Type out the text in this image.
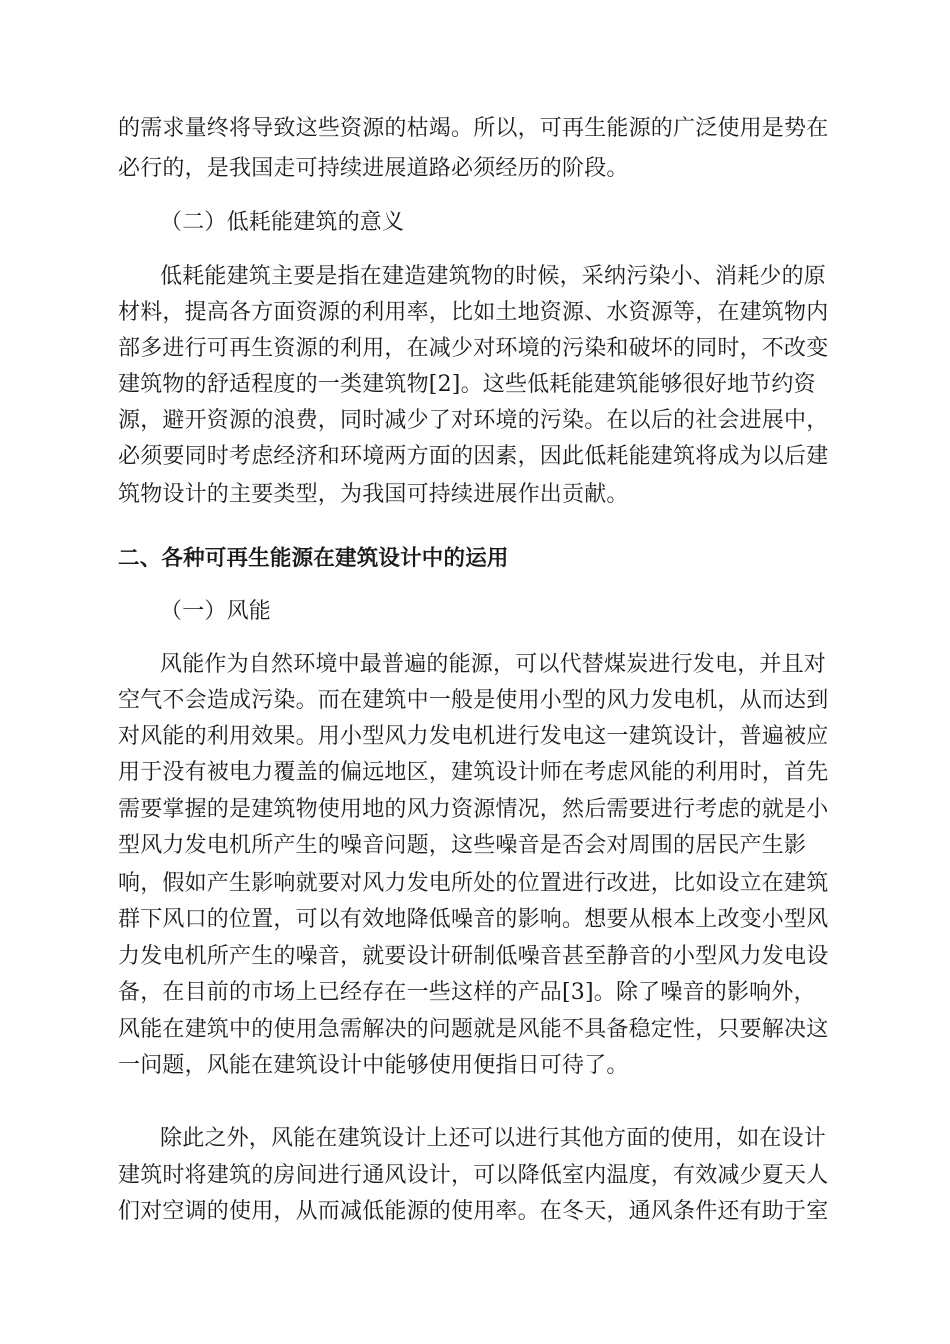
的需求量终将导致这些资源的枯竭。所以，可再生能源的广泛使用是势在
必行的，是我国走可持续进展道路必须经历的阶段。
（二）低耗能建筑的意义
低耗能建筑主要是指在建造建筑物的时候，采纳污染小、消耗少的原
材料，提高各方面资源的利用率，比如土地资源、水资源等，在建筑物内
部多进行可再生资源的利用，在减少对环境的污染和破坏的同时，不改变
建筑物的舒适程度的一类建筑物[2]。这些低耗能建筑能够很好地节约资
源，避开资源的浪费，同时减少了对环境的污染。在以后的社会进展中，
必须要同时考虑经济和环境两方面的因素，因此低耗能建筑将成为以后建
筑物设计的主要类型，为我国可持续进展作出贡献。
二、各种可再生能源在建筑设计中的运用
（一）风能
风能作为自然环境中最普遍的能源，可以代替煤炭进行发电，并且对
空气不会造成污染。而在建筑中一般是使用小型的风力发电机，从而达到
对风能的利用效果。用小型风力发电机进行发电这一建筑设计，普遍被应
用于没有被电力覆盖的偏远地区，建筑设计师在考虑风能的利用时，首先
需要掌握的是建筑物使用地的风力资源情况，然后需要进行考虑的就是小
型风力发电机所产生的噪音问题，这些噪音是否会对周围的居民产生影
响，假如产生影响就要对风力发电所处的位置进行改进，比如设立在建筑
群下风口的位置，可以有效地降低噪音的影响。想要从根本上改变小型风
力发电机所产生的噪音，就要设计研制低噪音甚至静音的小型风力发电设
备，在目前的市场上已经存在一些这样的产品[3]。除了噪音的影响外，
风能在建筑中的使用急需解决的问题就是风能不具备稳定性，只要解决这
一问题，风能在建筑设计中能够使用便指日可待了。
除此之外，风能在建筑设计上还可以进行其他方面的使用，如在设计
建筑时将建筑的房间进行通风设计，可以降低室内温度，有效减少夏天人
们对空调的使用，从而减低能源的使用率。在冬天，通风条件还有助于室
